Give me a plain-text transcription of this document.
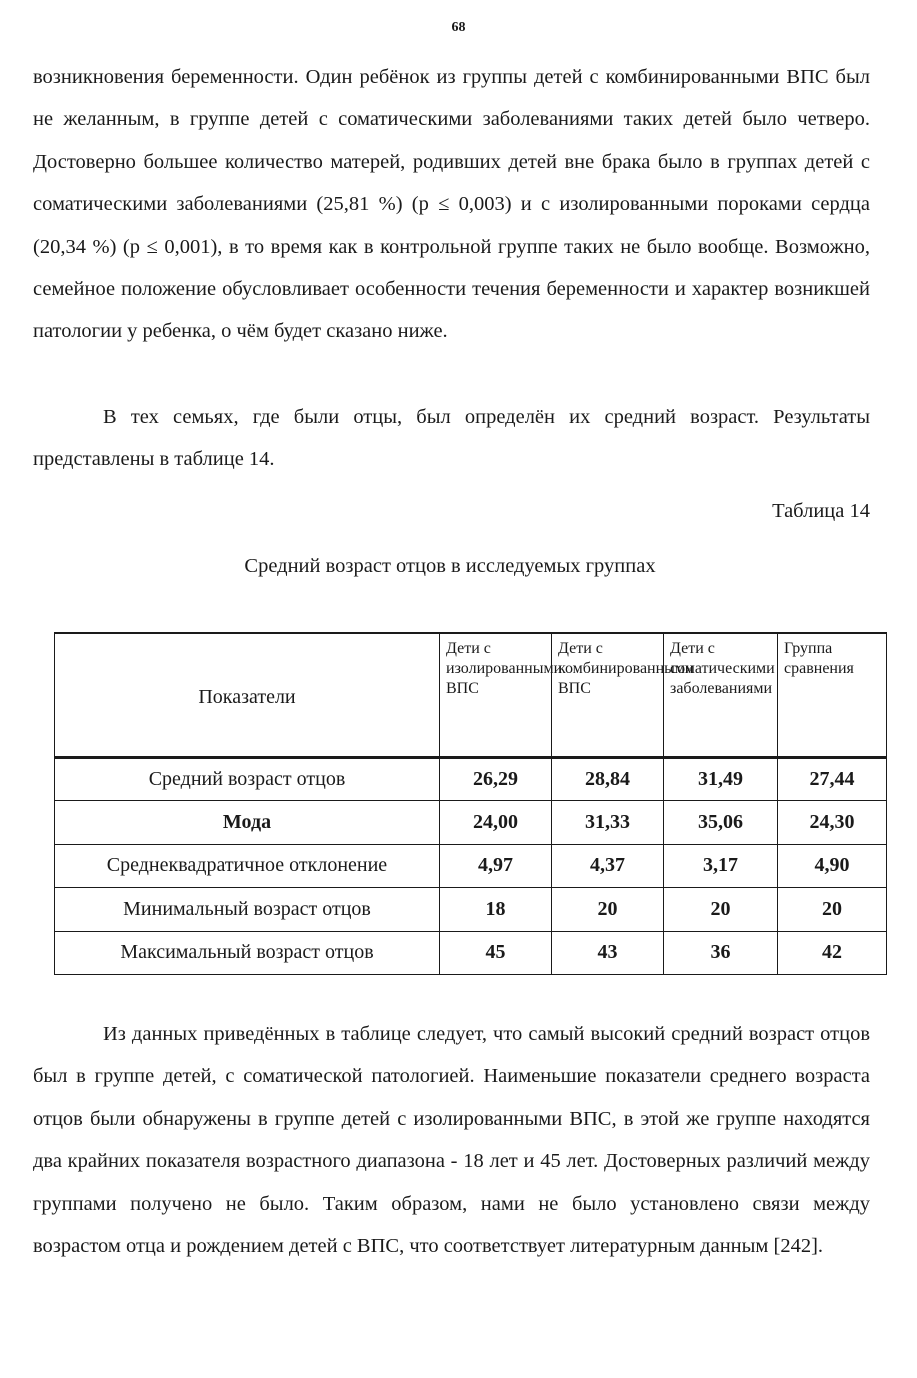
68

возникновения беременности. Один ребёнок из группы детей с комбинированными ВПС был не желанным, в группе детей с соматическими заболеваниями таких детей было четверо. Достоверно большее количество матерей, родивших детей вне брака было в группах детей с соматическими заболеваниями (25,81 %) (p ≤ 0,003) и с изолированными пороками сердца (20,34 %) (p ≤ 0,001), в то время как в контрольной группе таких не было вообще. Возможно, семейное положение обусловливает особенности течения беременности и характер возникшей патологии у ребенка, о чём будет сказано ниже.

В тех семьях, где были отцы, был определён их средний возраст. Результаты представлены в таблице 14.

Таблица 14
Средний возраст отцов в исследуемых группах
Показатели	Дети с изолированными ВПС	Дети с комбинированными ВПС	Дети с соматическими заболеваниями	Группа сравнения
Средний возраст отцов	26,29	28,84	31,49	27,44
Мода	24,00	31,33	35,06	24,30
Среднеквадратичное отклонение	4,97	4,37	3,17	4,90
Минимальный возраст отцов	18	20	20	20
Максимальный возраст отцов	45	43	36	42

Из данных приведённых в таблице следует, что самый высокий средний возраст отцов был в группе детей, с соматической патологией. Наименьшие показатели среднего возраста отцов были обнаружены в группе детей с изолированными ВПС, в этой же группе находятся два крайних показателя возрастного диапазона - 18 лет и 45 лет. Достоверных различий между группами получено не было. Таким образом, нами не было установлено связи между возрастом отца и рождением детей с ВПС, что соответствует литературным данным [242].
